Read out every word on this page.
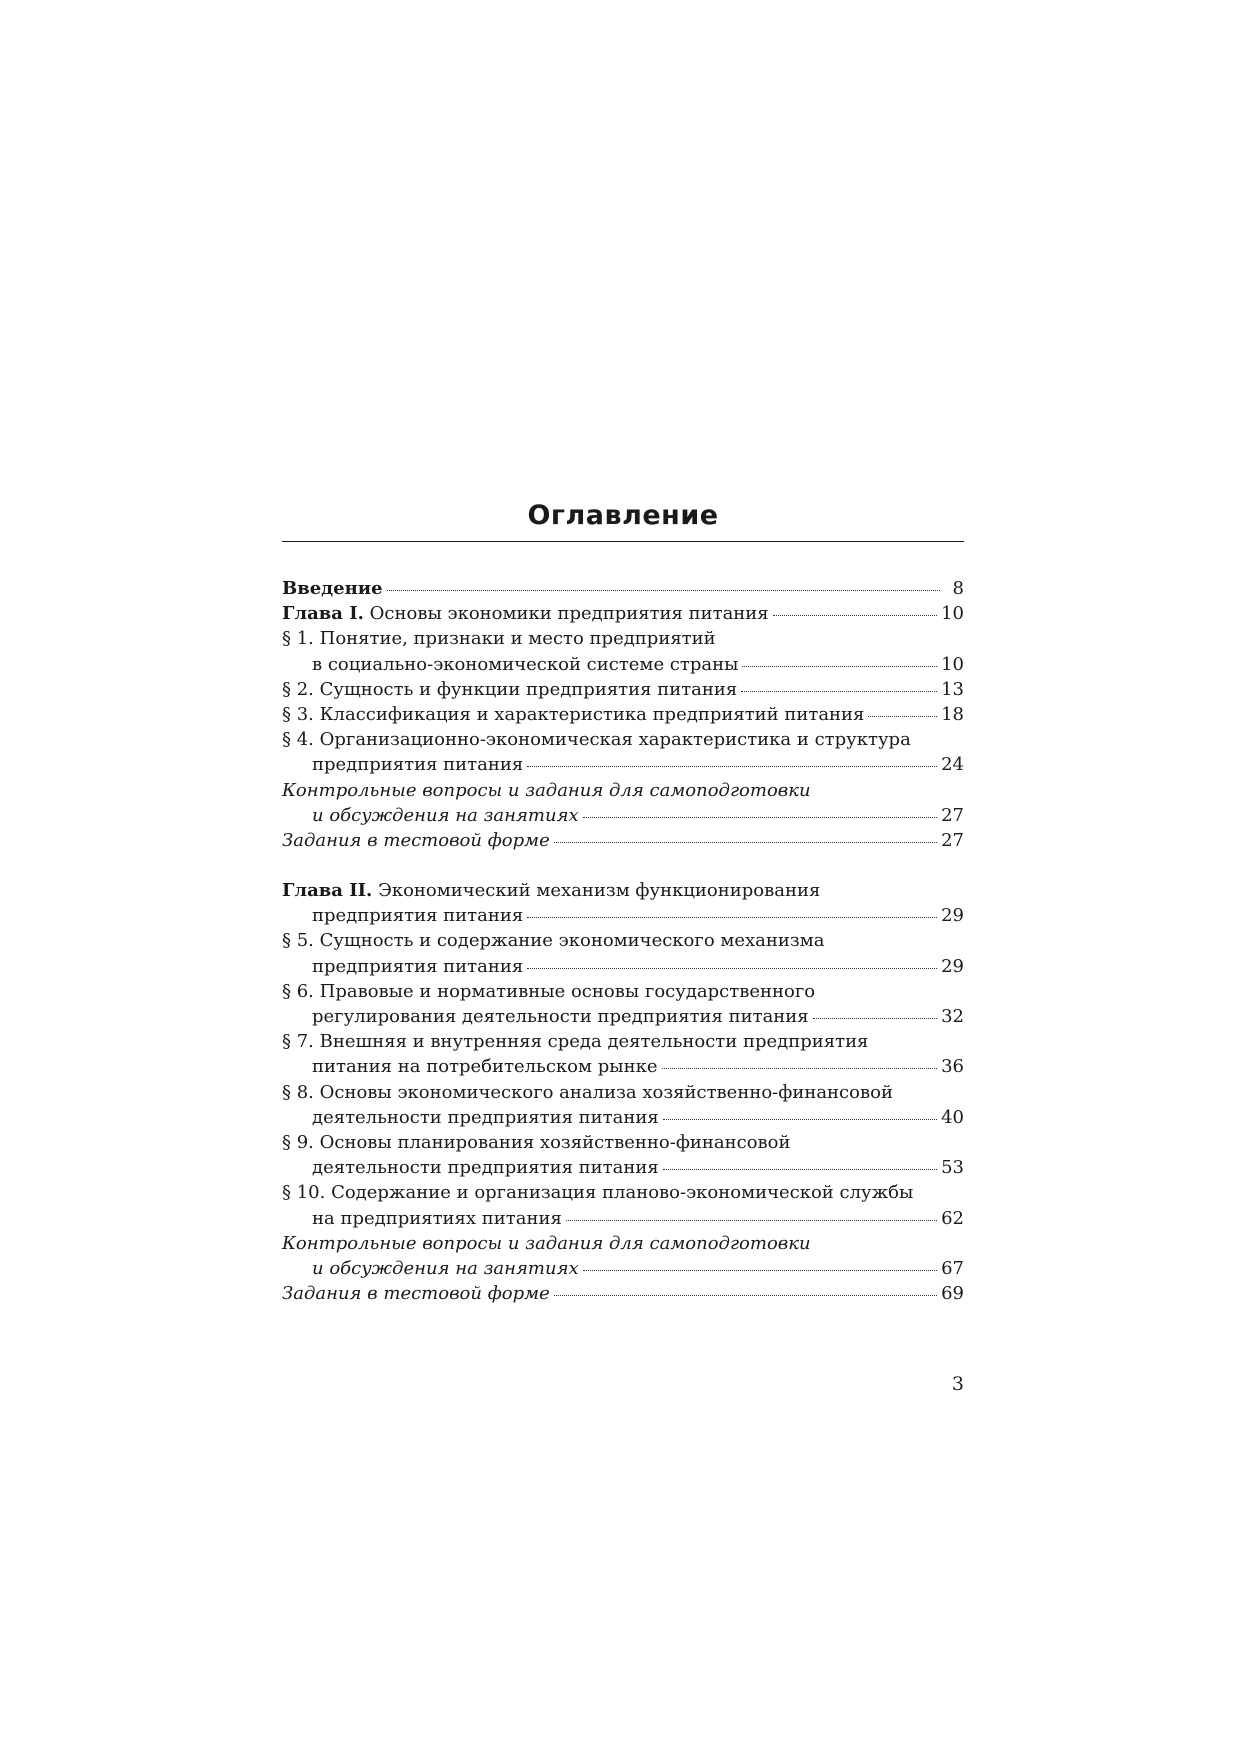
Оглавление
Введение	8
Глава I. Основы экономики предприятия питания	10
§ 1. Понятие, признаки и место предприятий
в социально-экономической системе страны	10
§ 2. Сущность и функции предприятия питания	13
§ 3. Классификация и характеристика предприятий питания	18
§ 4. Организационно-экономическая характеристика и структура
предприятия питания	24
Контрольные вопросы и задания для самоподготовки
и обсуждения на занятиях	27
Задания в тестовой форме	27
Глава II. Экономический механизм функционирования
предприятия питания	29
§ 5. Сущность и содержание экономического механизма
предприятия питания	29
§ 6. Правовые и нормативные основы государственного
регулирования деятельности предприятия питания	32
§ 7. Внешняя и внутренняя среда деятельности предприятия
питания на потребительском рынке	36
§ 8. Основы экономического анализа хозяйственно-финансовой
деятельности предприятия питания	40
§ 9. Основы планирования хозяйственно-финансовой
деятельности предприятия питания	53
§ 10. Содержание и организация планово-экономической службы
на предприятиях питания	62
Контрольные вопросы и задания для самоподготовки
и обсуждения на занятиях	67
Задания в тестовой форме	69
3
